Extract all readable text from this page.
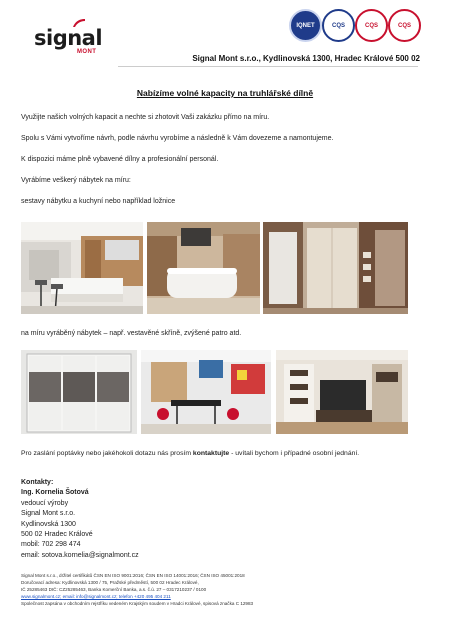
signal
MONT
IQNET	CQS	CQS	CQS
Signal Mont s.r.o., Kydlinovská 1300, Hradec Králové 500 02
Nabízíme volné kapacity na truhlářské dílně
Využijte našich volných kapacit a nechte si zhotovit Vaši zakázku přímo na míru.
Spolu s Vámi vytvoříme návrh, podle návrhu vyrobíme a následně k Vám dovezeme a namontujeme.
K dispozici máme plně vybavené dílny a profesionální personál.
Vyrábíme veškerý nábytek na míru:
sestavy nábytku a kuchyní nebo například ložnice
na míru vyráběný nábytek – např. vestavěné skříně, zvýšené patro atd.
Pro zaslání poptávky nebo jakéhokoli dotazu nás prosím kontaktujte - uvítali bychom i případné osobní jednání.
Kontakty:
Ing. Kornelia Šotová
vedoucí výroby
Signal Mont s.r.o.
Kydlinovská 1300
500 02 Hradec Králové
mobil: 702 298 474
email: sotova.kornelia@signalmont.cz
Signal Mont s.r.o., držitel certifikátů ČSN EN ISO 9001:2016; ČSN EN ISO 14001:2016; ČSN ISO 45001:2018
Doručovací adresa: Kydlinovská 1300 / 75, Pražské předměstí, 500 02 Hradec Králové,
IČ 25285463 DIČ: CZ25285463, Banka Komerční Banka, a.s. č.ú. 27 – 0317210237 / 0100
www.signalmont.cz; email: info@signalmont.cz; telefon +420 495 404 211
Společnost zapsána v obchodním rejstříku vedeném Krajským soudem v Hradci Králové, spisová značka C 12983
